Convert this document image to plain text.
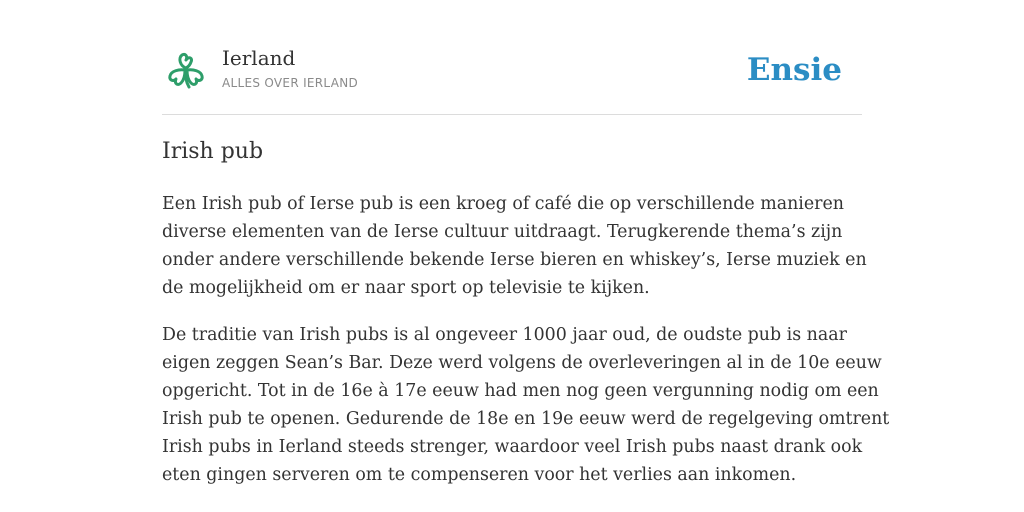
Ierland
ALLES OVER IERLAND	Ensie
Irish pub

Een Irish pub of Ierse pub is een kroeg of café die op verschillende manieren
diverse elementen van de Ierse cultuur uitdraagt. Terugkerende thema’s zijn
onder andere verschillende bekende Ierse bieren en whiskey’s, Ierse muziek en
de mogelijkheid om er naar sport op televisie te kijken.

De traditie van Irish pubs is al ongeveer 1000 jaar oud, de oudste pub is naar
eigen zeggen Sean’s Bar. Deze werd volgens de overleveringen al in de 10e eeuw
opgericht. Tot in de 16e à 17e eeuw had men nog geen vergunning nodig om een
Irish pub te openen. Gedurende de 18e en 19e eeuw werd de regelgeving omtrent
Irish pubs in Ierland steeds strenger, waardoor veel Irish pubs naast drank ook
eten gingen serveren om te compenseren voor het verlies aan inkomen.
